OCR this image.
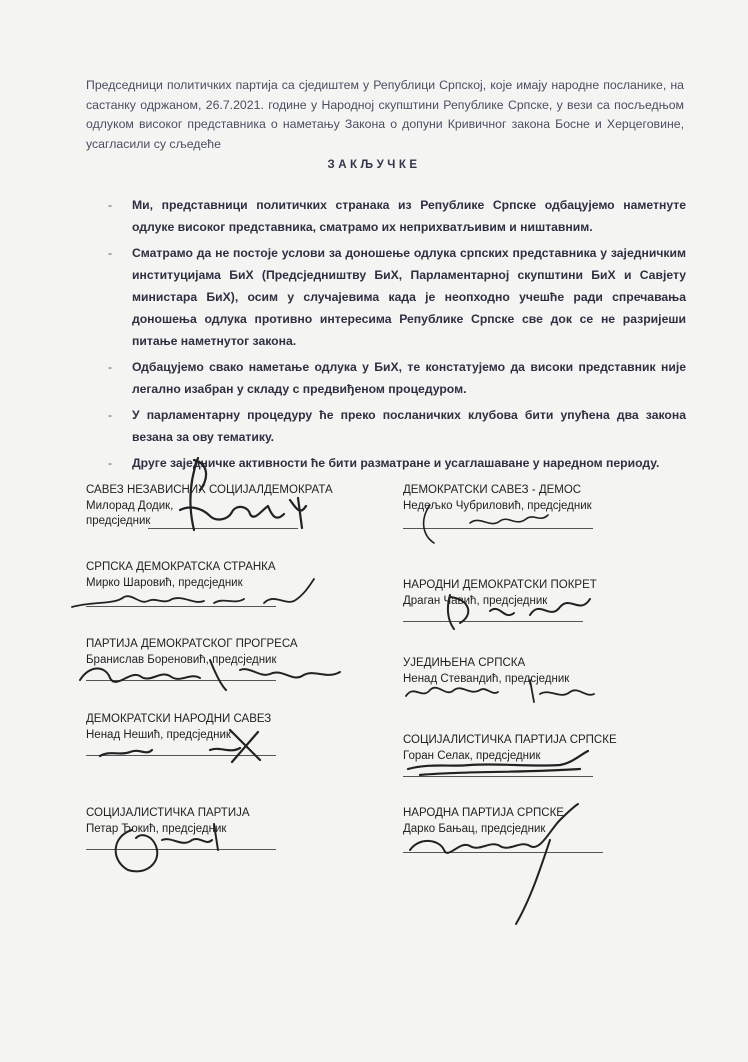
Председници политичких партија са сједиштем у Републици Српској, које имају народне посланике, на састанку одржаном, 26.7.2021. године у Народној скупштини Републике Српске, у вези са посљедњом одлуком високог представника о наметању Закона о допуни Кривичног закона Босне и Херцеговине, усагласили су сљедеће

ЗАКЉУЧКЕ
- Ми, представници политичких странака из Републике Српске одбацујемо наметнуте одлуке високог представника, сматрамо их неприхватљивим и ништавним.
- Сматрамо да не постоје услови за доношење одлука српских представника у заједничким институцијама БиХ (Предсједништву БиХ, Парламентарној скупштини БиХ и Савјету министара БиХ), осим у случајевима када је неопходно учешће ради спречавања доношења одлука противно интересима Републике Српске све док се не разријеши питање наметнутог закона.
- Одбацујемо свако наметање одлука у БиХ, те констатујемо да високи представник није легално изабран у складу с предвиђеном процедуром.
- У парламентарну процедуру ће преко посланичких клубова бити упућена два закона везана за ову тематику.
- Друге заједничке активности ће бити разматране и усаглашаване у наредном периоду.
САВЕЗ НЕЗАВИСНИХ СОЦИЈАЛДЕМОКРАТА
Милорад Додик,
предсједник
СРПСКА ДЕМОКРАТСКА СТРАНКА
Мирко Шаровић, предсједник
ПАРТИЈА ДЕМОКРАТСКОГ ПРОГРЕСА
Бранислав Бореновић, предсједник
ДЕМОКРАТСКИ НАРОДНИ САВЕЗ
Ненад Нешић, предсједник
СОЦИЈАЛИСТИЧКА ПАРТИЈА
Петар Ђокић, предсједник
ДЕМОКРАТСКИ САВЕЗ - ДЕМОС
Недељко Чубриловић, предсједник
НАРОДНИ ДЕМОКРАТСКИ ПОКРЕТ
Драган Чавић, предсједник
УЈЕДИЊЕНА СРПСКА
Ненад Стевандић, предсједник
СОЦИЈАЛИСТИЧКА ПАРТИЈА СРПСКЕ
Горан Селак, предсједник
НАРОДНА ПАРТИЈА СРПСКЕ
Дарко Бањац, предсједник
